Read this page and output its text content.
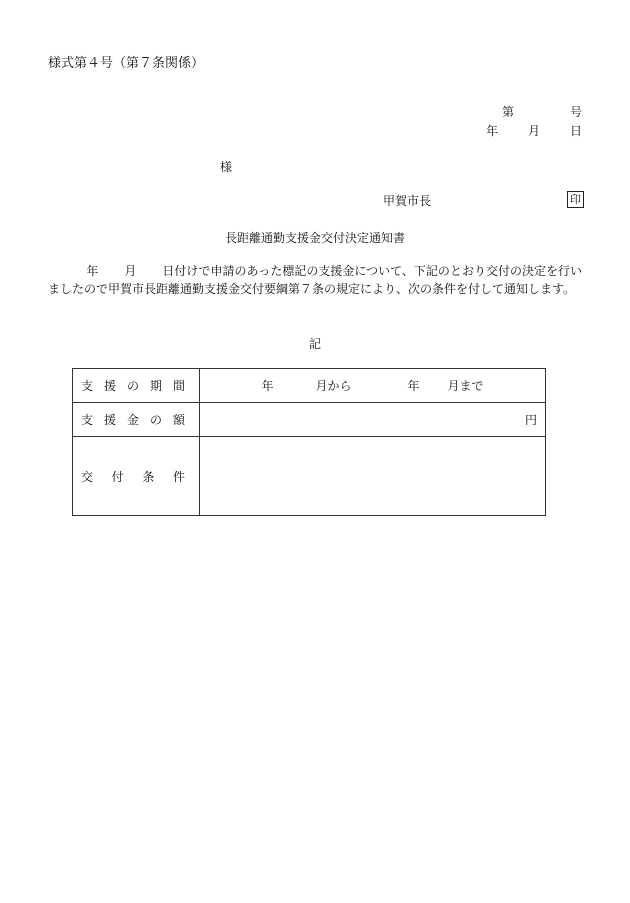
様式第４号（第７条関係）
第	号
年	月	日
様
甲賀市長	印
長距離通勤支援金交付決定通知書
年 月 日付けで申請のあった標記の支援金について、下記のとおり交付の決定を行いましたので甲賀市長距離通勤支援金交付要綱第７条の規定により、次の条件を付して通知します。
記
支 援 の 期 間	年 月から 年 月まで

支 援 金 の 額	円

交 付 条 件	
